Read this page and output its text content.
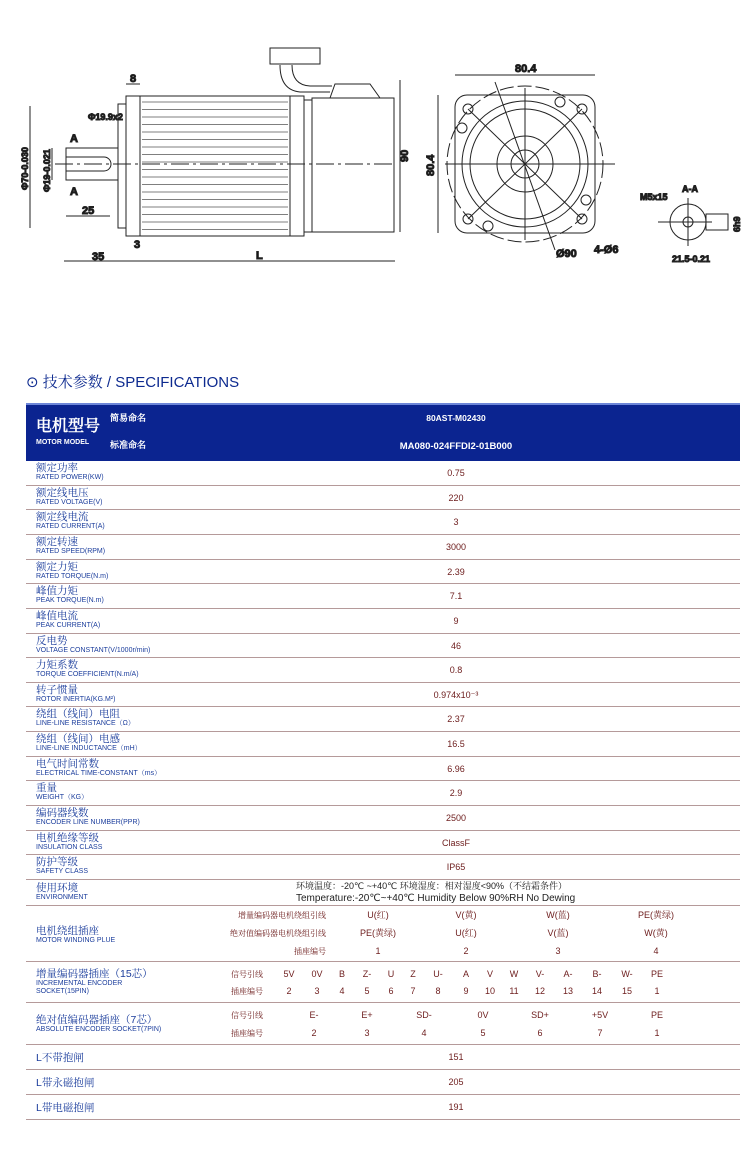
8
Φ19.9x2
A
A
25
35
3
L
Φ70-0.030 Φ19-0.021	90
80.4
80.4
Ø90 4-Ø6
M5x15
A-A
21.5-0.21
6h9
⊙ 技术参数 / SPECIFICATIONS
电机型号
MOTOR MODEL
简易命名	80AST-M02430
标准命名	MA080-024FFDI2-01B000
额定功率
RATED POWER(KW)	0.75
额定线电压
RATED VOLTAGE(V)	220
额定线电流
RATED CURRENT(A)	3
额定转速
RATED SPEED(RPM)	3000
额定力矩
RATED TORQUE(N.m)	2.39
峰值力矩
PEAK TORQUE(N.m)	7.1
峰值电流
PEAK CURRENT(A)	9
反电势
VOLTAGE CONSTANT(V/1000r/min)	46
力矩系数
TORQUE COEFFICIENT(N.m/A)	0.8
转子惯量
ROTOR INERTIA(KG.M²)	0.974x10⁻³
绕组（线间）电阻
LINE-LINE RESISTANCE（Ω）	2.37
绕组（线间）电感
LINE-LINE INDUCTANCE（mH）	16.5
电气时间常数
ELECTRICAL TIME-CONSTANT（ms）	6.96
重量
WEIGHT（KG）	2.9
编码器线数
ENCODER LINE NUMBER(PPR)	2500
电机绝缘等级
INSULATION CLASS	ClassF
防护等级
SAFETY CLASS	IP65
使用环境
ENVIRONMENT
环境温度：-20℃ ~+40℃ 环境湿度：相对湿度<90%（不结霜条件）
Temperature:-20℃~+40℃ Humidity Below 90%RH No Dewing
电机绕组插座
MOTOR WINDING PLUE
增量编码器电机绕组引线	U(红)	V(黄)	W(蓝)	PE(黄绿)
绝对值编码器电机绕组引线	PE(黄绿)	U(红)	V(蓝)	W(黄)
插座编号	1	2	3	4
增量编码器插座（15芯）
INCREMENTAL ENCODER
SOCKET(15PIN)
信号引线 5V 0V B Z- U Z U- A V W V- A- B- W- PE
插座编号	2	3 4 5 6 7 8	9 10 11 12 13 14 15 1
绝对值编码器插座（7芯）
ABSOLUTE ENCODER SOCKET(7PIN)
信号引线	E-	E+	SD-	0V	SD+	+5V	PE
插座编号	2	3	4	5	6	7	1
L不带抱闸	151
L带永磁抱闸	205
L带电磁抱闸	191
